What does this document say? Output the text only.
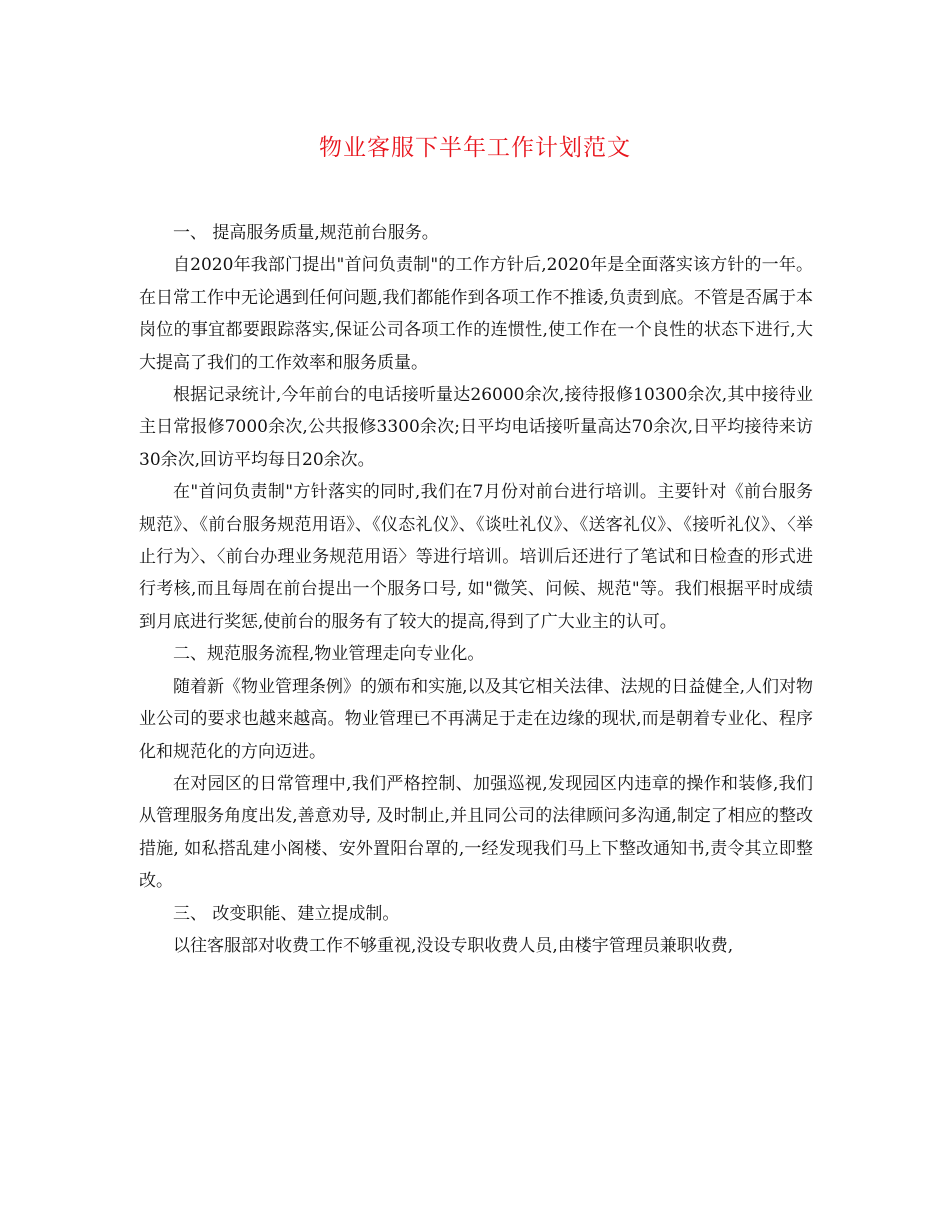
物业客服下半年工作计划范文

一、 提高服务质量,规范前台服务。

自2020年我部门提出"首问负责制"的工作方针后,2020年是全面落实该方针的一年。在日常工作中无论遇到任何问题,我们都能作到各项工作不推诿,负责到底。不管是否属于本岗位的事宜都要跟踪落实,保证公司各项工作的连惯性,使工作在一个良性的状态下进行,大大提高了我们的工作效率和服务质量。

根据记录统计,今年前台的电话接听量达26000余次,接待报修10300余次,其中接待业主日常报修7000余次,公共报修3300余次;日平均电话接听量高达70余次,日平均接待来访30余次,回访平均每日20余次。

在"首问负责制"方针落实的同时,我们在7月份对前台进行培训。主要针对《前台服务规范》、《前台服务规范用语》、《仪态礼仪》、《谈吐礼仪》、《送客礼仪》、《接听礼仪》、〈举止行为〉、〈前台办理业务规范用语〉等进行培训。培训后还进行了笔试和日检查的形式进行考核,而且每周在前台提出一个服务口号, 如"微笑、问候、规范"等。我们根据平时成绩到月底进行奖惩,使前台的服务有了较大的提高,得到了广大业主的认可。

二、规范服务流程,物业管理走向专业化。

随着新《物业管理条例》的颁布和实施,以及其它相关法律、法规的日益健全,人们对物业公司的要求也越来越高。物业管理已不再满足于走在边缘的现状,而是朝着专业化、程序化和规范化的方向迈进。

在对园区的日常管理中,我们严格控制、加强巡视,发现园区内违章的操作和装修,我们从管理服务角度出发,善意劝导, 及时制止,并且同公司的法律顾问多沟通,制定了相应的整改措施, 如私搭乱建小阁楼、安外置阳台罩的,一经发现我们马上下整改通知书,责令其立即整改。

三、 改变职能、建立提成制。

以往客服部对收费工作不够重视,没设专职收费人员,由楼宇管理员兼职收费,
